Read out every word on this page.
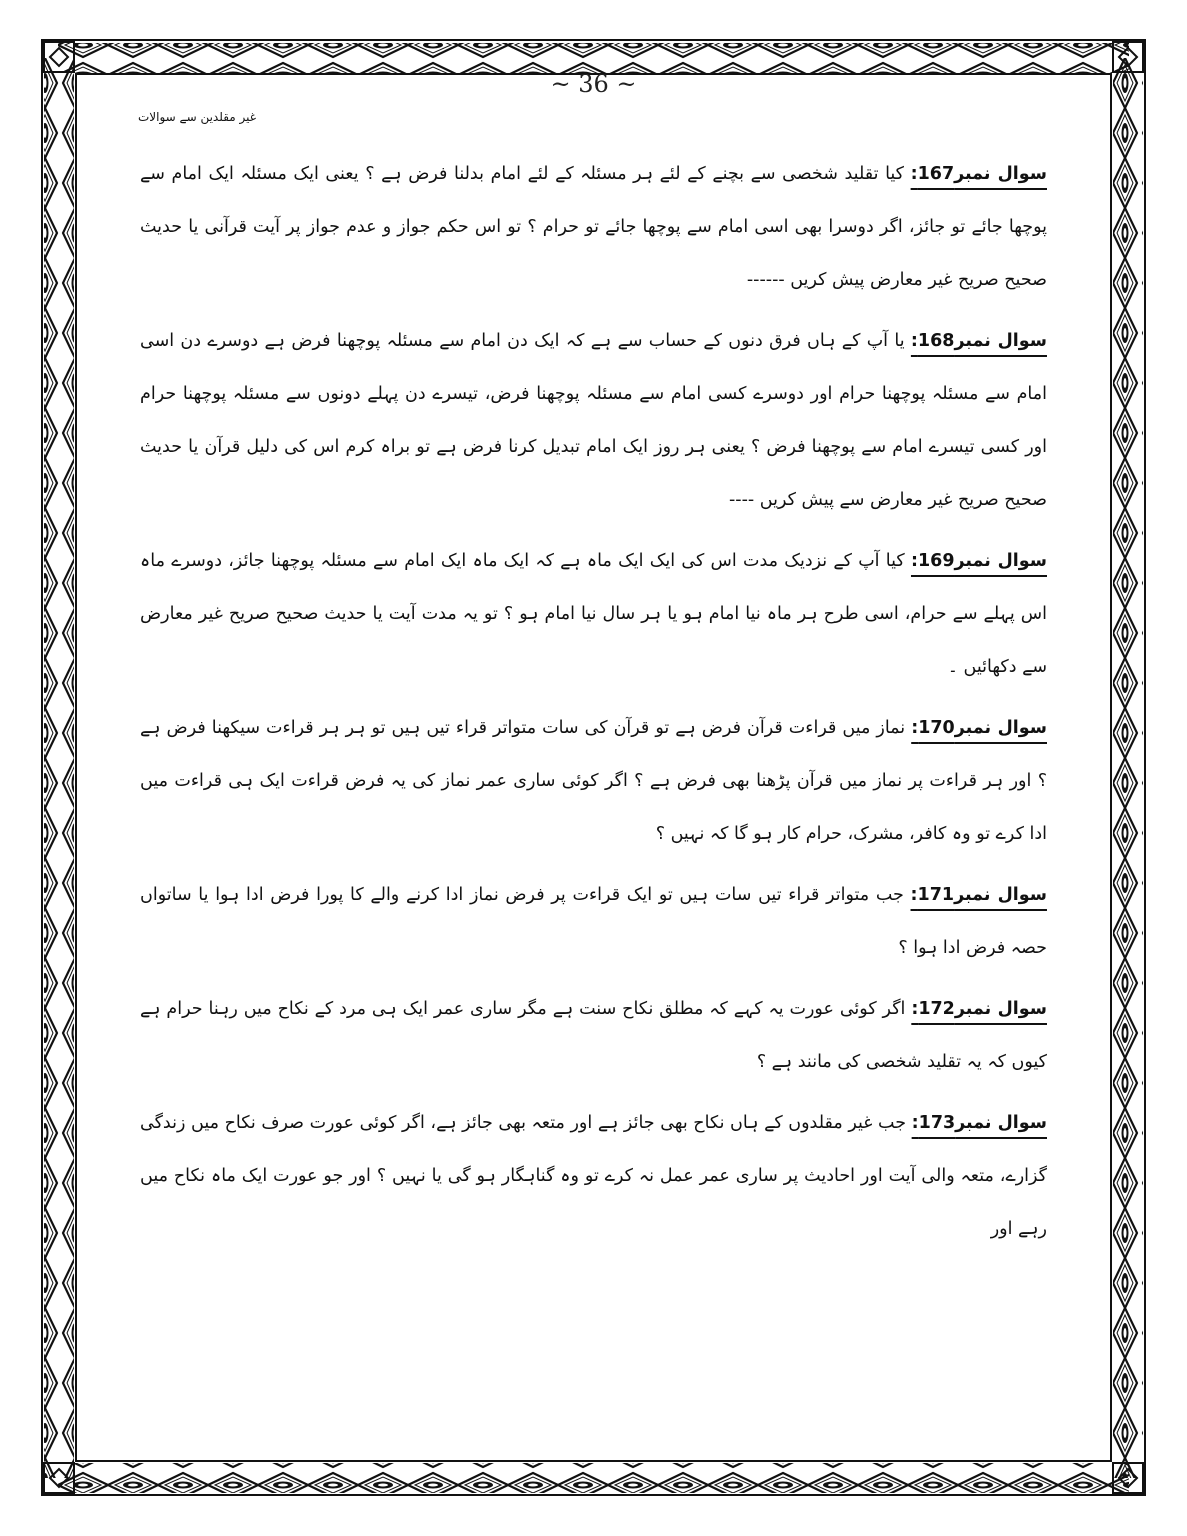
~ 36 ~
غیر مقلدین سے سوالات

سوال نمبر167: کیا تقلید شخصی سے بچنے کے لئے ہر مسئلہ کے لئے امام بدلنا فرض ہے ؟ یعنی ایک مسئلہ ایک امام سے پوچھا جائے تو جائز، اگر دوسرا بھی اسی امام سے پوچھا جائے تو حرام ؟ تو اس حکم جواز و عدم جواز پر آیت قرآنی یا حدیث صحیح صریح غیر معارض پیش کریں ------

سوال نمبر168: یا آپ کے ہاں فرق دنوں کے حساب سے ہے کہ ایک دن امام سے مسئلہ پوچھنا فرض ہے دوسرے دن اسی امام سے مسئلہ پوچھنا حرام اور دوسرے کسی امام سے مسئلہ پوچھنا فرض، تیسرے دن پہلے دونوں سے مسئلہ پوچھنا حرام اور کسی تیسرے امام سے پوچھنا فرض ؟ یعنی ہر روز ایک امام تبدیل کرنا فرض ہے تو براہ کرم اس کی دلیل قرآن یا حدیث صحیح صریح غیر معارض سے پیش کریں ----

سوال نمبر169: کیا آپ کے نزدیک مدت اس کی ایک ایک ماہ ہے کہ ایک ماہ ایک امام سے مسئلہ پوچھنا جائز، دوسرے ماہ اس پہلے سے حرام، اسی طرح ہر ماہ نیا امام ہو یا ہر سال نیا امام ہو ؟ تو یہ مدت آیت یا حدیث صحیح صریح غیر معارض سے دکھائیں ۔

سوال نمبر170: نماز میں قراءت قرآن فرض ہے تو قرآن کی سات متواتر قراء تیں ہیں تو ہر ہر قراءت سیکھنا فرض ہے ؟ اور ہر قراءت پر نماز میں قرآن پڑھنا بھی فرض ہے ؟ اگر کوئی ساری عمر نماز کی یہ فرض قراءت ایک ہی قراءت میں ادا کرے تو وہ کافر، مشرک، حرام کار ہو گا کہ نہیں ؟

سوال نمبر171: جب متواتر قراء تیں سات ہیں تو ایک قراءت پر فرض نماز ادا کرنے والے کا پورا فرض ادا ہوا یا ساتواں حصہ فرض ادا ہوا ؟

سوال نمبر172: اگر کوئی عورت یہ کہے کہ مطلق نکاح سنت ہے مگر ساری عمر ایک ہی مرد کے نکاح میں رہنا حرام ہے کیوں کہ یہ تقلید شخصی کی مانند ہے ؟

سوال نمبر173: جب غیر مقلدوں کے ہاں نکاح بھی جائز ہے اور متعہ بھی جائز ہے، اگر کوئی عورت صرف نکاح میں زندگی گزارے، متعہ والی آیت اور احادیث پر ساری عمر عمل نہ کرے تو وہ گناہگار ہو گی یا نہیں ؟ اور جو عورت ایک ماہ نکاح میں رہے اور
